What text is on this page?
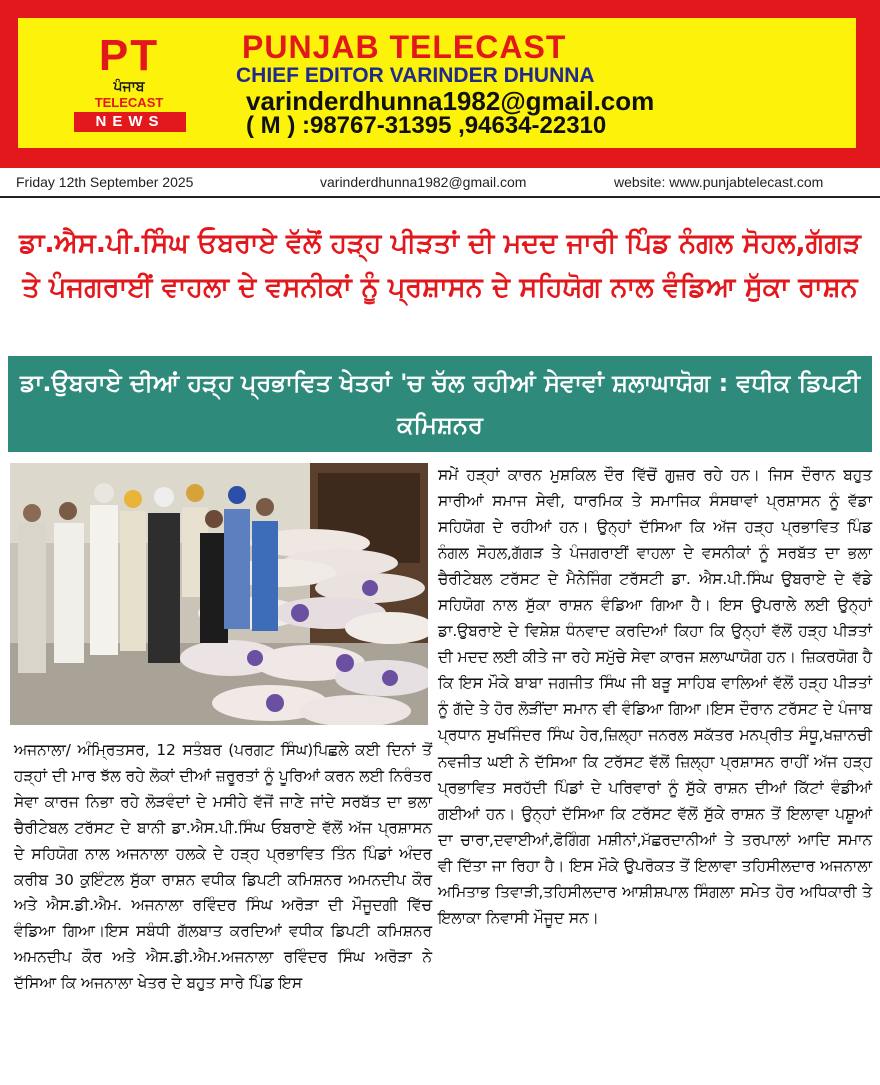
PT
ਪੰਜਾਬ
TELECAST
NEWS
PUNJAB TELECAST
CHIEF EDITOR VARINDER DHUNNA
varinderdhunna1982@gmail.com
( M ) :98767-31395 ,94634-22310
Friday 12th September 2025	varinderdhunna1982@gmail.com	website: www.punjabtelecast.com
ਡਾ.ਐਸ.ਪੀ.ਸਿੰਘ ਓਬਰਾਏ ਵੱਲੋਂ ਹੜ੍ਹ ਪੀੜਤਾਂ ਦੀ ਮਦਦ ਜਾਰੀ ਪਿੰਡ ਨੰਗਲ ਸੋਹਲ,ਗੱਗੜ ਤੇ ਪੰਜਗਰਾਈਂ ਵਾਹਲਾ ਦੇ ਵਸਨੀਕਾਂ ਨੂੰ ਪ੍ਰਸ਼ਾਸਨ ਦੇ ਸਹਿਯੋਗ ਨਾਲ ਵੰਡਿਆ ਸੁੱਕਾ ਰਾਸ਼ਨ
ਡਾ.ਉਬਰਾਏ ਦੀਆਂ ਹੜ੍ਹ ਪ੍ਰਭਾਵਿਤ ਖੇਤਰਾਂ 'ਚ ਚੱਲ ਰਹੀਆਂ ਸੇਵਾਵਾਂ ਸ਼ਲਾਘਾਯੋਗ : ਵਧੀਕ ਡਿਪਟੀ ਕਮਿਸ਼ਨਰ
ਅਜਨਾਲਾ/ ਅੰਮ੍ਰਿਤਸਰ, 12 ਸਤੰਬਰ (ਪਰਗਟ ਸਿੰਘ)ਪਿਛਲੇ ਕਈ ਦਿਨਾਂ ਤੋਂ ਹੜ੍ਹਾਂ ਦੀ ਮਾਰ ਝੱਲ ਰਹੇ ਲੋਕਾਂ ਦੀਆਂ ਜ਼ਰੂਰਤਾਂ ਨੂੰ ਪੂਰਿਆਂ ਕਰਨ ਲਈ ਨਿਰੰਤਰ ਸੇਵਾ ਕਾਰਜ ਨਿਭਾ ਰਹੇ ਲੋੜਵੰਦਾਂ ਦੇ ਮਸੀਹੇ ਵੱਜੋਂ ਜਾਣੇ ਜਾਂਦੇ ਸਰਬੱਤ ਦਾ ਭਲਾ ਚੈਰੀਟੇਬਲ ਟਰੱਸਟ ਦੇ ਬਾਨੀ ਡਾ.ਐਸ.ਪੀ.ਸਿੰਘ ਓਬਰਾਏ ਵੱਲੋਂ ਅੱਜ ਪ੍ਰਸ਼ਾਸਨ ਦੇ ਸਹਿਯੋਗ ਨਾਲ ਅਜਨਾਲਾ ਹਲਕੇ ਦੇ ਹੜ੍ਹ ਪ੍ਰਭਾਵਿਤ ਤਿੰਨ ਪਿੰਡਾਂ ਅੰਦਰ ਕਰੀਬ 30 ਕੁਇੰਟਲ ਸੁੱਕਾ ਰਾਸ਼ਨ ਵਧੀਕ ਡਿਪਟੀ ਕਮਿਸ਼ਨਰ ਅਮਨਦੀਪ ਕੌਰ ਅਤੇ ਐਸ.ਡੀ.ਐਮ. ਅਜਨਾਲਾ ਰਵਿੰਦਰ ਸਿੰਘ ਅਰੋੜਾ ਦੀ ਮੌਜੂਦਗੀ ਵਿੱਚ ਵੰਡਿਆ ਗਿਆ।ਇਸ ਸਬੰਧੀ ਗੱਲਬਾਤ ਕਰਦਿਆਂ ਵਧੀਕ ਡਿਪਟੀ ਕਮਿਸ਼ਨਰ ਅਮਨਦੀਪ ਕੌਰ ਅਤੇ ਐਸ.ਡੀ.ਐਮ.ਅਜਨਾਲਾ ਰਵਿੰਦਰ ਸਿੰਘ ਅਰੋੜਾ ਨੇ ਦੱਸਿਆ ਕਿ ਅਜਨਾਲਾ ਖੇਤਰ ਦੇ ਬਹੁਤ ਸਾਰੇ ਪਿੰਡ ਇਸ
ਸਮੇਂ ਹੜ੍ਹਾਂ ਕਾਰਨ ਮੁਸ਼ਕਿਲ ਦੌਰ ਵਿੱਚੋਂ ਗੁਜ਼ਰ ਰਹੇ ਹਨ। ਜਿਸ ਦੌਰਾਨ ਬਹੁਤ ਸਾਰੀਆਂ ਸਮਾਜ ਸੇਵੀ, ਧਾਰਮਿਕ ਤੇ ਸਮਾਜਿਕ ਸੰਸਥਾਵਾਂ ਪ੍ਰਸ਼ਾਸਨ ਨੂੰ ਵੱਡਾ ਸਹਿਯੋਗ ਦੇ ਰਹੀਆਂ ਹਨ। ਉਨ੍ਹਾਂ ਦੱਸਿਆ ਕਿ ਅੱਜ ਹੜ੍ਹ ਪ੍ਰਭਾਵਿਤ ਪਿੰਡ ਨੰਗਲ ਸੋਹਲ,ਗੱਗੜ ਤੇ ਪੰਜਗਰਾਈਂ ਵਾਹਲਾ ਦੇ ਵਸਨੀਕਾਂ ਨੂੰ ਸਰਬੱਤ ਦਾ ਭਲਾ ਚੈਰੀਟੇਬਲ ਟਰੱਸਟ ਦੇ ਮੈਨੇਜਿੰਗ ਟਰੱਸਟੀ ਡਾ. ਐਸ.ਪੀ.ਸਿੰਘ ਉਬਰਾਏ ਦੇ ਵੱਡੇ ਸਹਿਯੋਗ ਨਾਲ ਸੁੱਕਾ ਰਾਸ਼ਨ ਵੰਡਿਆ ਗਿਆ ਹੈ। ਇਸ ਉਪਰਾਲੇ ਲਈ ਉਨ੍ਹਾਂ ਡਾ.ਉਬਰਾਏ ਦੇ ਵਿਸ਼ੇਸ਼ ਧੰਨਵਾਦ ਕਰਦਿਆਂ ਕਿਹਾ ਕਿ ਉਨ੍ਹਾਂ ਵੱਲੋਂ ਹੜ੍ਹ ਪੀੜਤਾਂ ਦੀ ਮਦਦ ਲਈ ਕੀਤੇ ਜਾ ਰਹੇ ਸਮੁੱਚੇ ਸੇਵਾ ਕਾਰਜ ਸ਼ਲਾਘਾਯੋਗ ਹਨ। ਜ਼ਿਕਰਯੋਗ ਹੈ ਕਿ ਇਸ ਮੌਕੇ ਬਾਬਾ ਜਗਜੀਤ ਸਿੰਘ ਜੀ ਬੜੂ ਸਾਹਿਬ ਵਾਲਿਆਂ ਵੱਲੋਂ ਹੜ੍ਹ ਪੀੜਤਾਂ ਨੂੰ ਗੱਦੇ ਤੇ ਹੋਰ ਲੋੜੀਂਦਾ ਸਮਾਨ ਵੀ ਵੰਡਿਆ ਗਿਆ।ਇਸ ਦੌਰਾਨ ਟਰੱਸਟ ਦੇ ਪੰਜਾਬ ਪ੍ਰਧਾਨ ਸੁਖਜਿੰਦਰ ਸਿੰਘ ਹੇਰ,ਜ਼ਿਲ੍ਹਾ ਜਨਰਲ ਸਕੱਤਰ ਮਨਪ੍ਰੀਤ ਸੰਧੂ,ਖਜ਼ਾਨਚੀ ਨਵਜੀਤ ਘਈ ਨੇ ਦੱਸਿਆ ਕਿ ਟਰੱਸਟ ਵੱਲੋਂ ਜ਼ਿਲ੍ਹਾ ਪ੍ਰਸ਼ਾਸਨ ਰਾਹੀਂ ਅੱਜ ਹੜ੍ਹ ਪ੍ਰਭਾਵਿਤ ਸਰਹੱਦੀ ਪਿੰਡਾਂ ਦੇ ਪਰਿਵਾਰਾਂ ਨੂੰ ਸੁੱਕੇ ਰਾਸ਼ਨ ਦੀਆਂ ਕਿੱਟਾਂ ਵੰਡੀਆਂ ਗਈਆਂ ਹਨ। ਉਨ੍ਹਾਂ ਦੱਸਿਆ ਕਿ ਟਰੱਸਟ ਵੱਲੋਂ ਸੁੱਕੇ ਰਾਸ਼ਨ ਤੋਂ ਇਲਾਵਾ ਪਸ਼ੂਆਂ ਦਾ ਚਾਰਾ,ਦਵਾਈਆਂ,ਫੋਗਿੰਗ ਮਸ਼ੀਨਾਂ,ਮੱਛਰਦਾਨੀਆਂ ਤੇ ਤਰਪਾਲਾਂ ਆਦਿ ਸਮਾਨ ਵੀ ਦਿੱਤਾ ਜਾ ਰਿਹਾ ਹੈ। ਇਸ ਮੌਕੇ ਉਪਰੋਕਤ ਤੋਂ ਇਲਾਵਾ ਤਹਿਸੀਲਦਾਰ ਅਜਨਾਲਾ ਅਮਿਤਾਭ ਤਿਵਾੜੀ,ਤਹਿਸੀਲਦਾਰ ਆਸ਼ੀਸ਼ਪਾਲ ਸਿੰਗਲਾ ਸਮੇਤ ਹੋਰ ਅਧਿਕਾਰੀ ਤੇ ਇਲਾਕਾ ਨਿਵਾਸੀ ਮੌਜੂਦ ਸਨ।
